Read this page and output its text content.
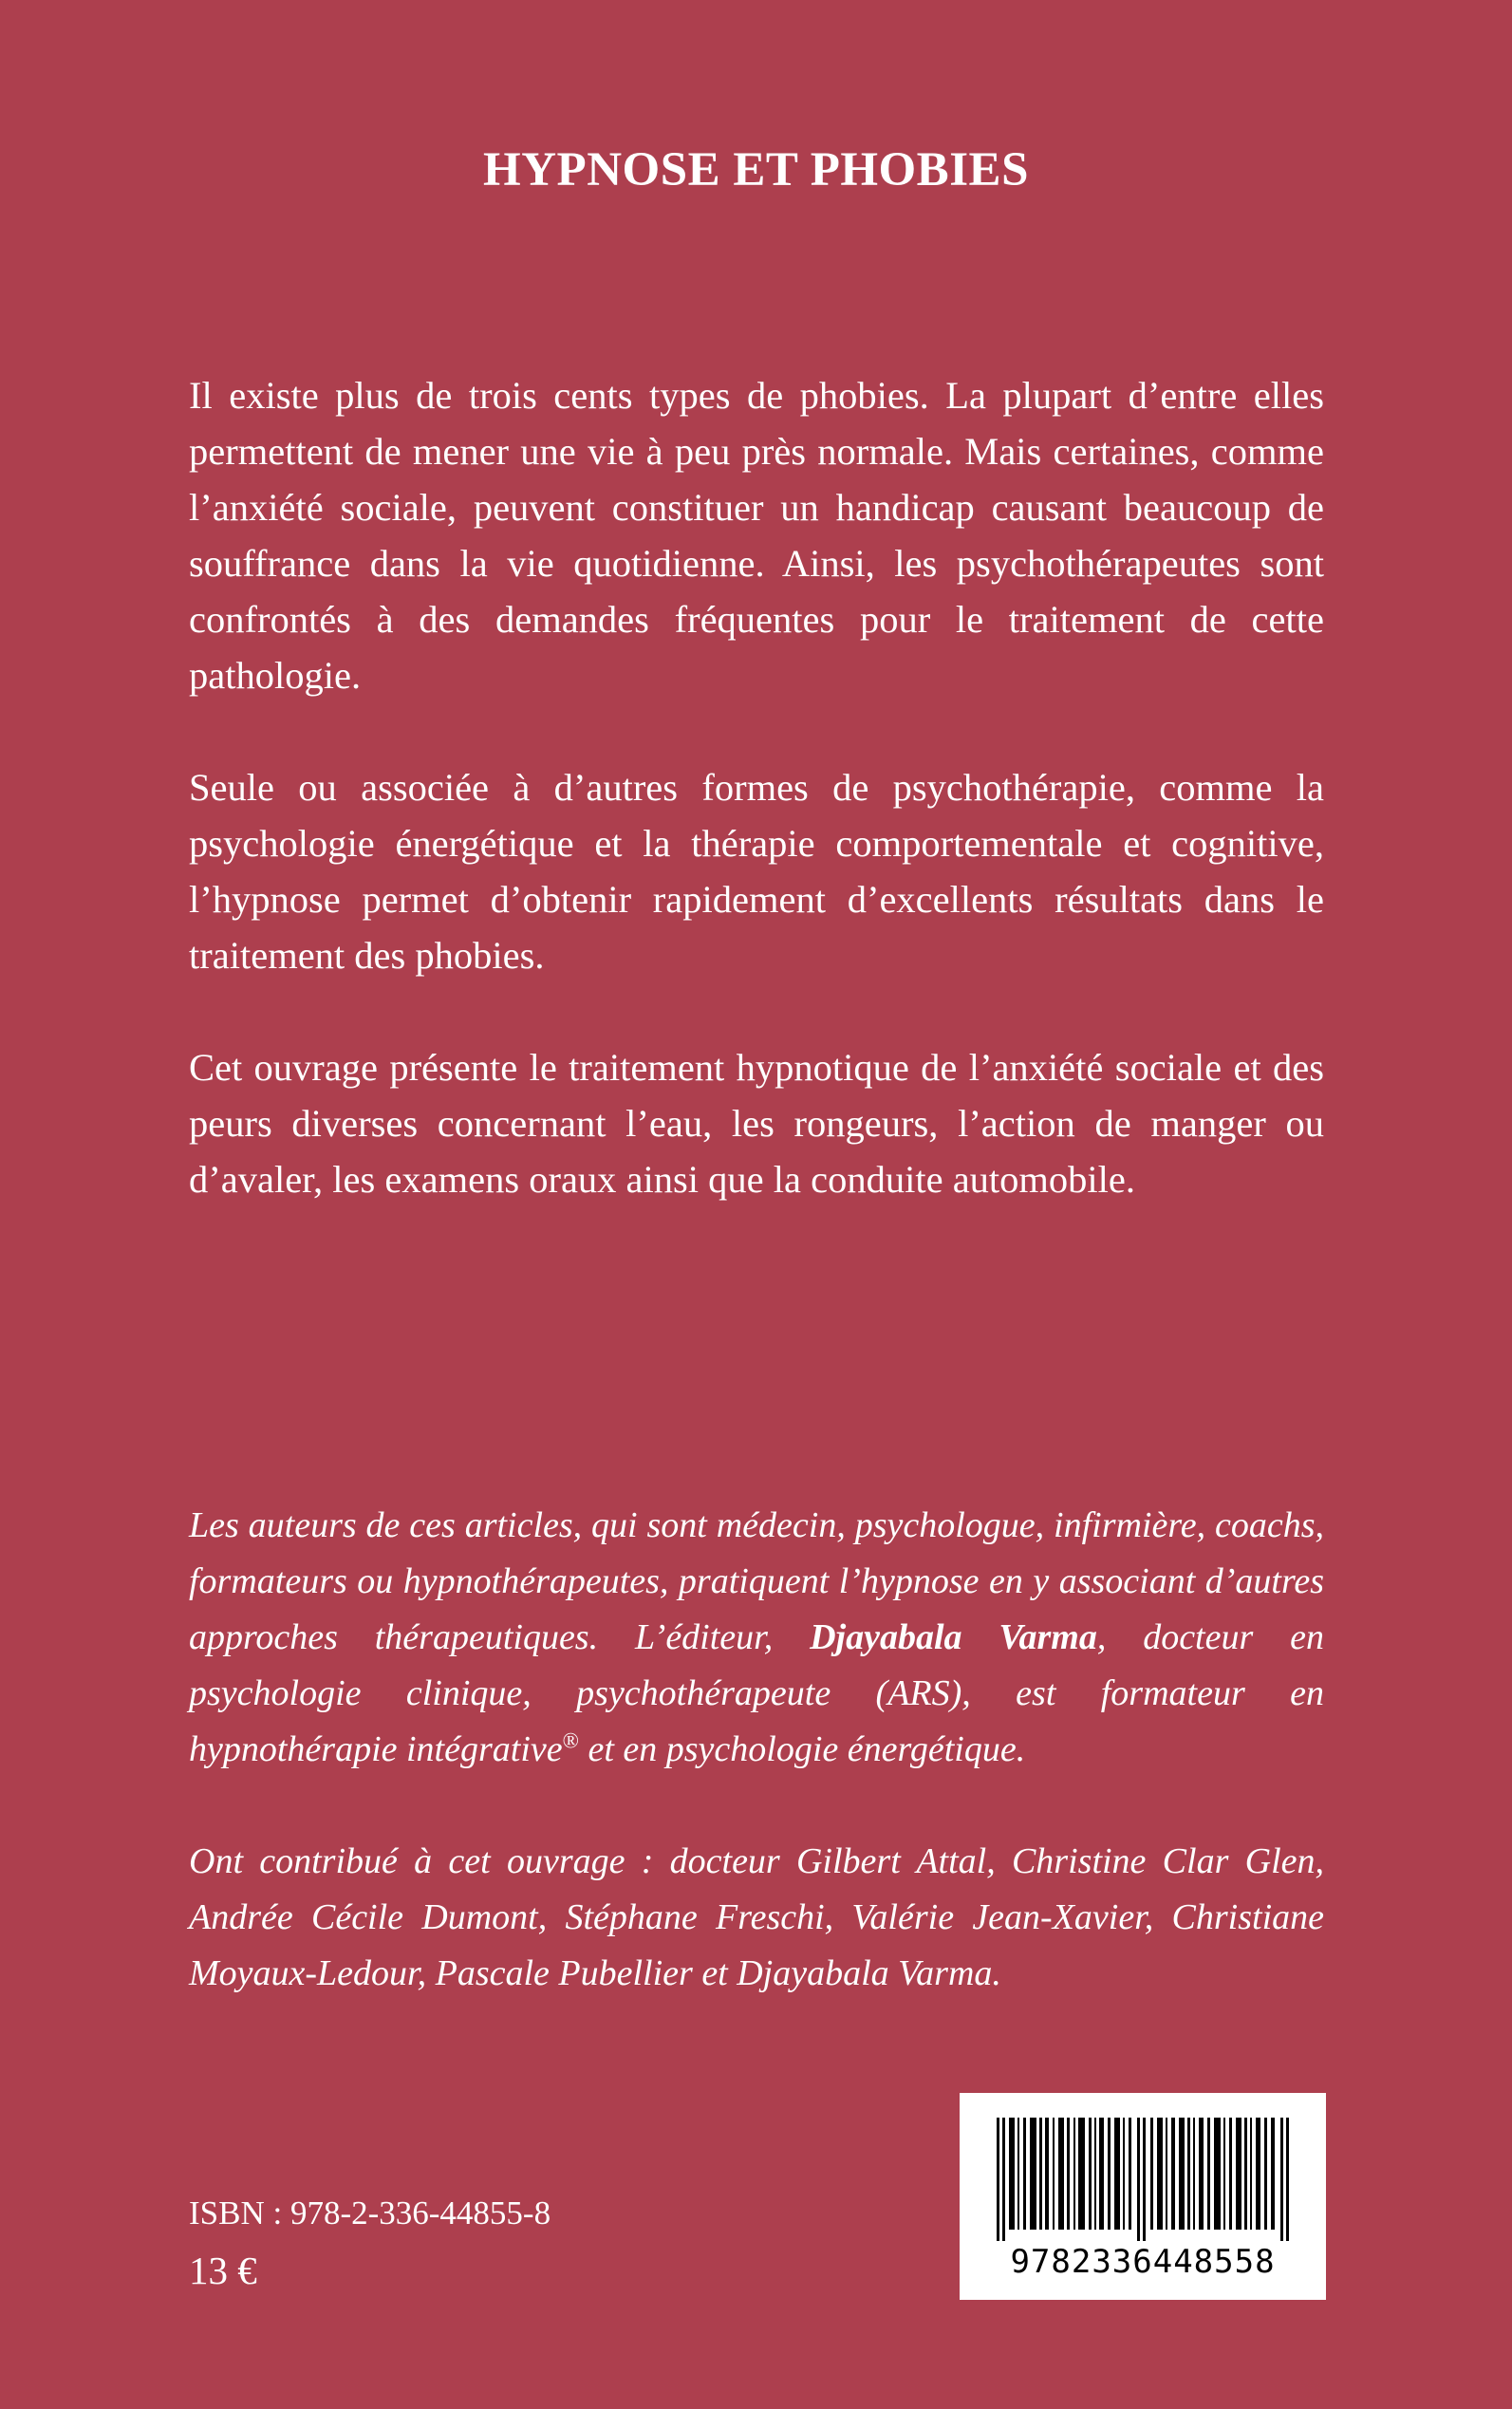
HYPNOSE ET PHOBIES

Il existe plus de trois cents types de phobies. La plupart d’entre elles permettent de mener une vie à peu près normale. Mais certaines, comme l’anxiété sociale, peuvent constituer un handicap causant beaucoup de souffrance dans la vie quotidienne. Ainsi, les psychothérapeutes sont confrontés à des demandes fréquentes pour le traitement de cette pathologie.

Seule ou associée à d’autres formes de psychothérapie, comme la psychologie énergétique et la thérapie comportementale et cognitive, l’hypnose permet d’obtenir rapidement d’excellents résultats dans le traitement des phobies.

Cet ouvrage présente le traitement hypnotique de l’anxiété sociale et des peurs diverses concernant l’eau, les rongeurs, l’action de manger ou d’avaler, les examens oraux ainsi que la conduite automobile.

Les auteurs de ces articles, qui sont médecin, psychologue, infirmière, coachs, formateurs ou hypnothérapeutes, pratiquent l’hypnose en y associant d’autres approches thérapeutiques. L’éditeur, Djayabala Varma, docteur en psychologie clinique, psychothérapeute (ARS), est formateur en hypnothérapie intégrative® et en psychologie énergétique.

Ont contribué à cet ouvrage : docteur Gilbert Attal, Christine Clar Glen, Andrée Cécile Dumont, Stéphane Freschi, Valérie Jean-Xavier, Christiane Moyaux-Ledour, Pascale Pubellier et Djayabala Varma.

ISBN : 978-2-336-44855-8
13 €	9782336448558
